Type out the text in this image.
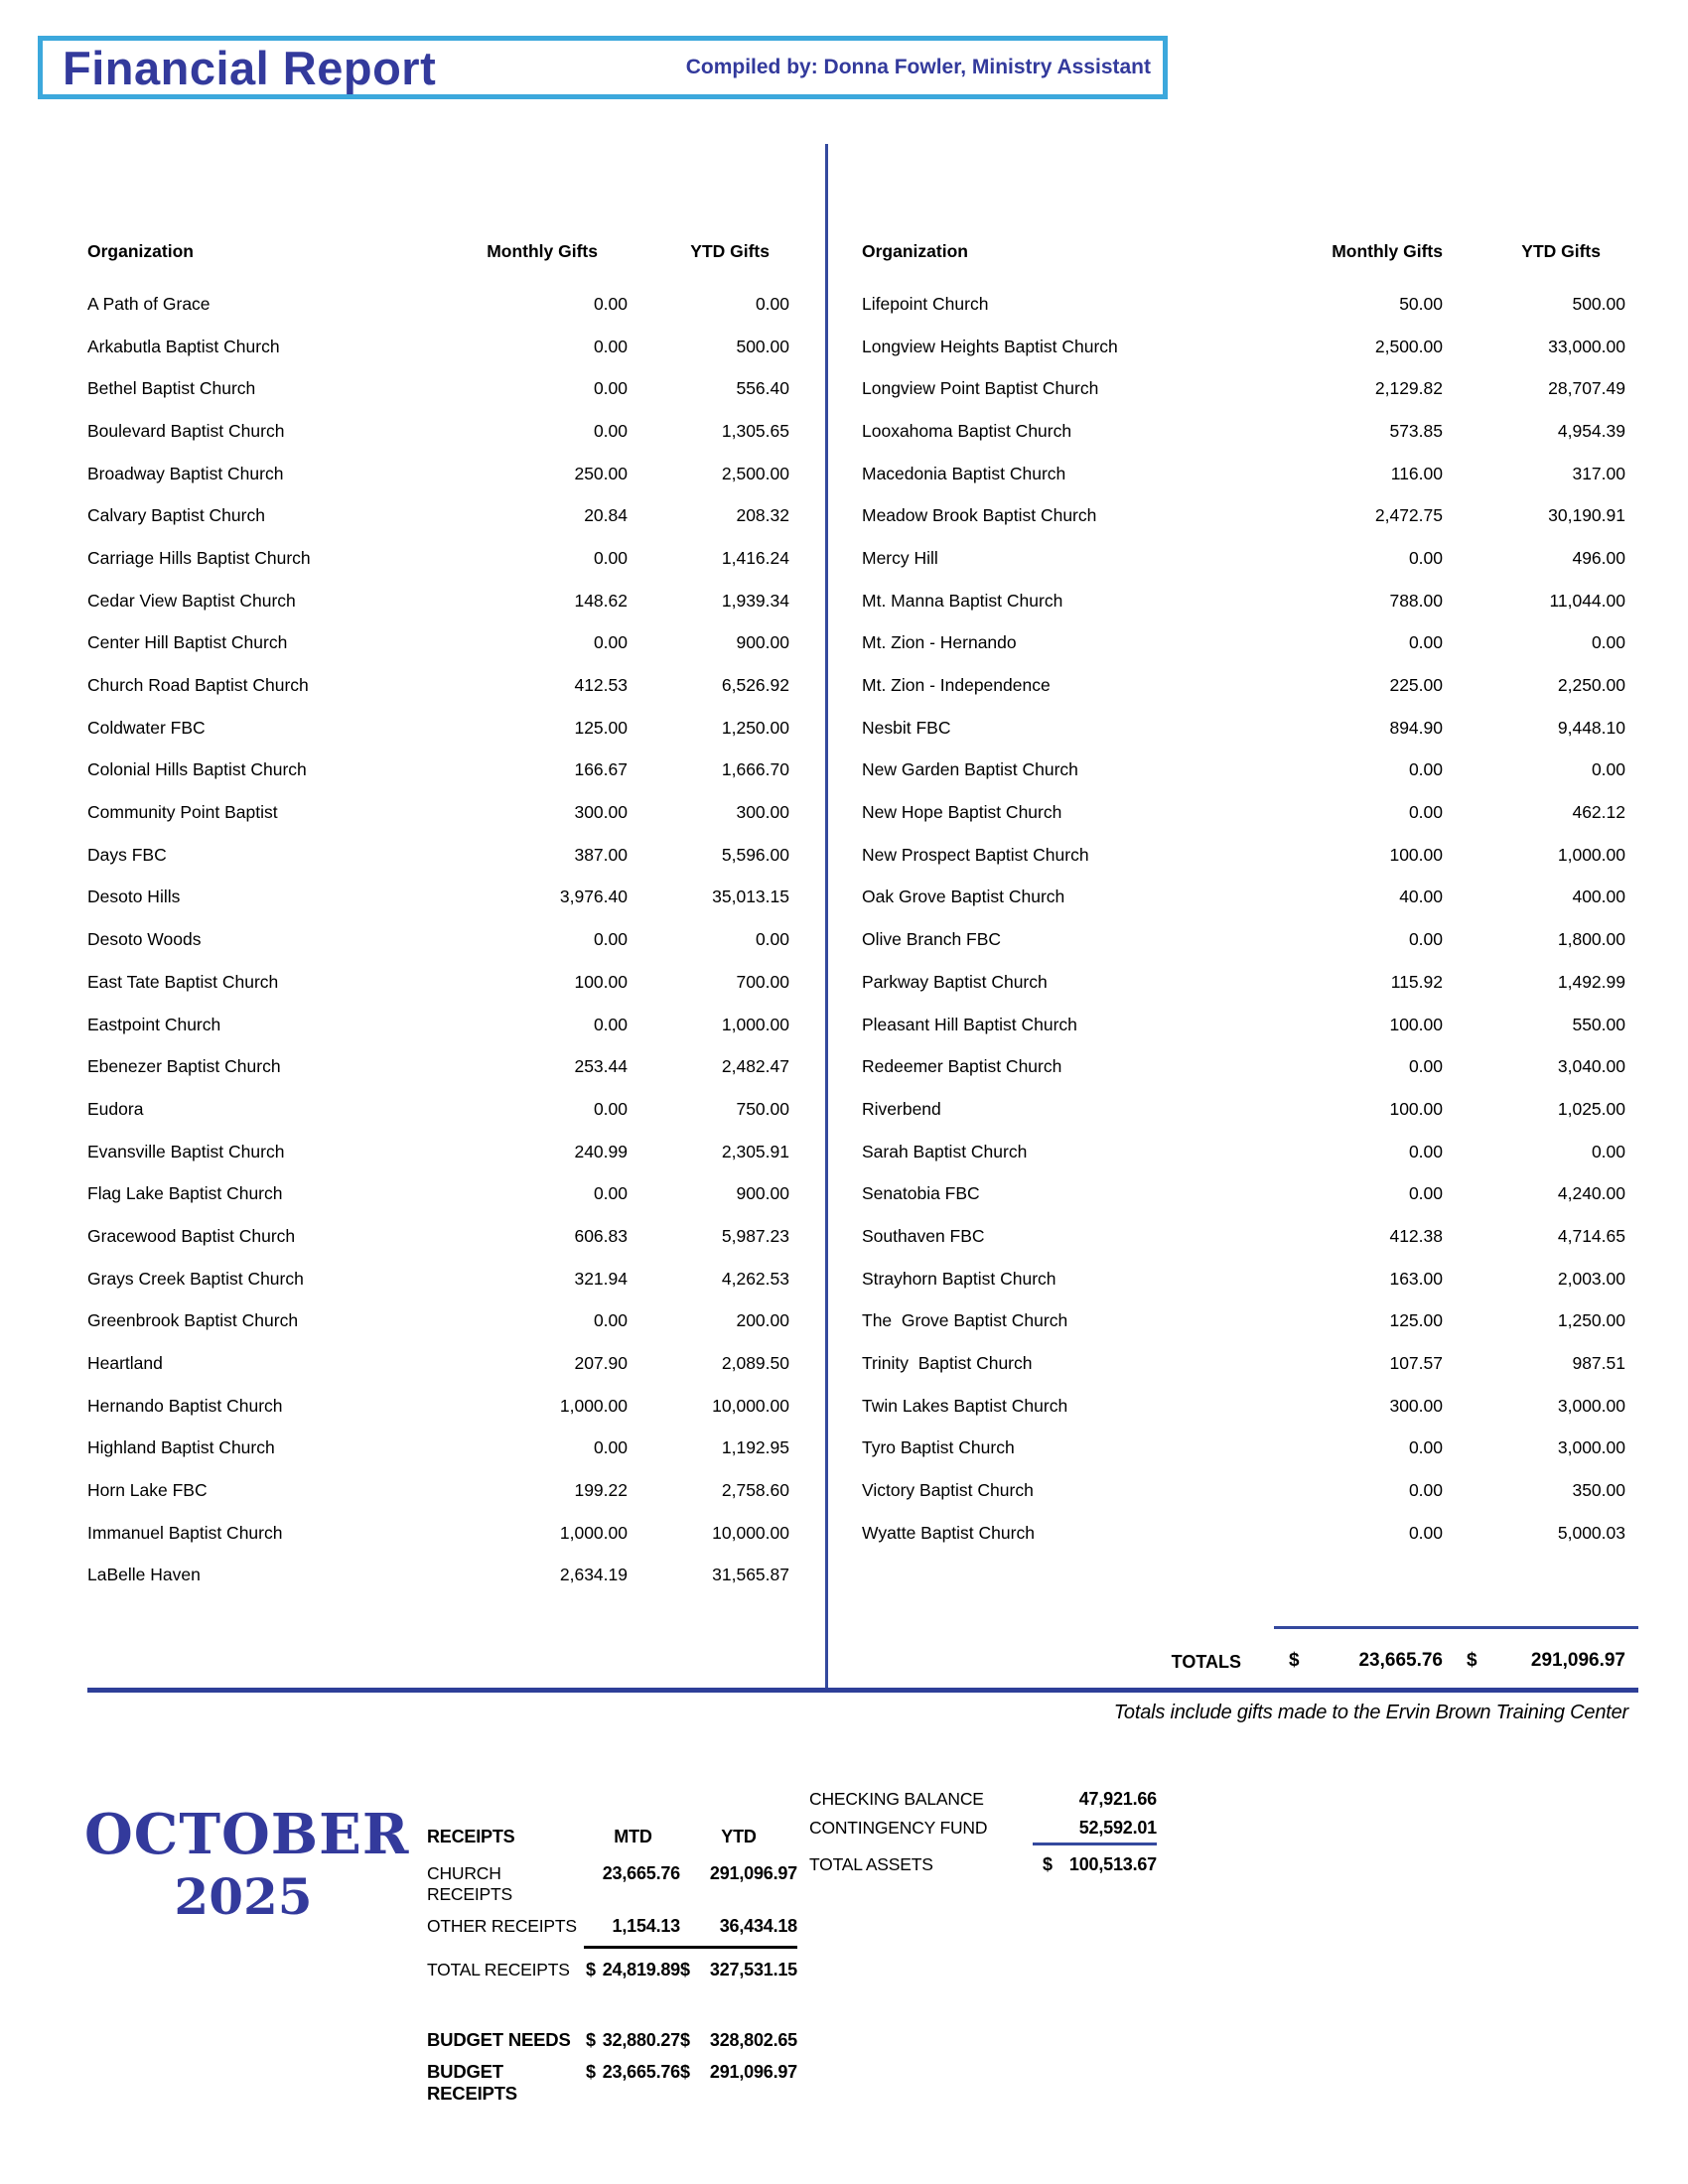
Financial Report	Compiled by: Donna Fowler, Ministry Assistant
Organization	Monthly Gifts	YTD Gifts	Organization	Monthly Gifts	YTD Gifts
A Path of Grace	0.00	0.00
Arkabutla Baptist Church	0.00	500.00
Bethel Baptist Church	0.00	556.40
Boulevard Baptist Church	0.00	1,305.65
Broadway Baptist Church	250.00	2,500.00
Calvary Baptist Church	20.84	208.32
Carriage Hills Baptist Church	0.00	1,416.24
Cedar View Baptist Church	148.62	1,939.34
Center Hill Baptist Church	0.00	900.00
Church Road Baptist Church	412.53	6,526.92
Coldwater FBC	125.00	1,250.00
Colonial Hills Baptist Church	166.67	1,666.70
Community Point Baptist	300.00	300.00
Days FBC	387.00	5,596.00
Desoto Hills	3,976.40	35,013.15
Desoto Woods	0.00	0.00
East Tate Baptist Church	100.00	700.00
Eastpoint Church	0.00	1,000.00
Ebenezer Baptist Church	253.44	2,482.47
Eudora	0.00	750.00
Evansville Baptist Church	240.99	2,305.91
Flag Lake Baptist Church	0.00	900.00
Gracewood Baptist Church	606.83	5,987.23
Grays Creek Baptist Church	321.94	4,262.53
Greenbrook Baptist Church	0.00	200.00
Heartland	207.90	2,089.50
Hernando Baptist Church	1,000.00	10,000.00
Highland Baptist Church	0.00	1,192.95
Horn Lake FBC	199.22	2,758.60
Immanuel Baptist Church	1,000.00	10,000.00
LaBelle Haven	2,634.19	31,565.87
Lifepoint Church	50.00	500.00
Longview Heights Baptist Church	2,500.00	33,000.00
Longview Point Baptist Church	2,129.82	28,707.49
Looxahoma Baptist Church	573.85	4,954.39
Macedonia Baptist Church	116.00	317.00
Meadow Brook Baptist Church	2,472.75	30,190.91
Mercy Hill	0.00	496.00
Mt. Manna Baptist Church	788.00	11,044.00
Mt. Zion - Hernando	0.00	0.00
Mt. Zion - Independence	225.00	2,250.00
Nesbit FBC	894.90	9,448.10
New Garden Baptist Church	0.00	0.00
New Hope Baptist Church	0.00	462.12
New Prospect Baptist Church	100.00	1,000.00
Oak Grove Baptist Church	40.00	400.00
Olive Branch FBC	0.00	1,800.00
Parkway Baptist Church	115.92	1,492.99
Pleasant Hill Baptist Church	100.00	550.00
Redeemer Baptist Church	0.00	3,040.00
Riverbend	100.00	1,025.00
Sarah Baptist Church	0.00	0.00
Senatobia FBC	0.00	4,240.00
Southaven FBC	412.38	4,714.65
Strayhorn Baptist Church	163.00	2,003.00
The  Grove Baptist Church	125.00	1,250.00
Trinity  Baptist Church	107.57	987.51
Twin Lakes Baptist Church	300.00	3,000.00
Tyro Baptist Church	0.00	3,000.00
Victory Baptist Church	0.00	350.00
Wyatte Baptist Church	0.00	5,000.03
TOTALS	$	23,665.76 $	291,096.97
Totals include gifts made to the Ervin Brown Training Center
OCTOBER
2025
RECEIPTS	MTD	YTD
CHURCH RECEIPTS
23,665.76	291,096.97
OTHER RECEIPTS	1,154.13	36,434.18
TOTAL RECEIPTS $ 24,819.89 $ 327,531.15
BUDGET NEEDS $ 32,880.27 $ 328,802.65
BUDGET RECEIPTS
$ 23,665.76 $ 291,096.97
CHECKING BALANCE	47,921.66
CONTINGENCY FUND	52,592.01
TOTAL ASSETS	$ 100,513.67
